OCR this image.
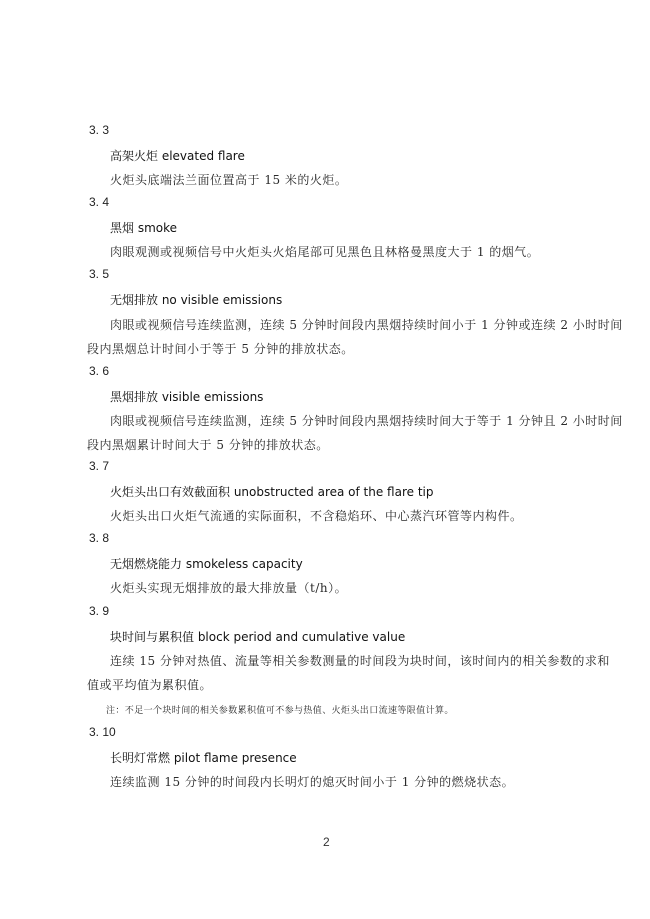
3. 3
高架火炬 elevated flare
火炬头底端法兰面位置高于 15 米的火炬。
3. 4
黑烟 smoke
肉眼观测或视频信号中火炬头火焰尾部可见黑色且林格曼黑度大于 1 的烟气。
3. 5
无烟排放 no visible emissions
肉眼或视频信号连续监测，连续 5 分钟时间段内黑烟持续时间小于 1 分钟或连续 2 小时时间
段内黑烟总计时间小于等于 5 分钟的排放状态。
3. 6
黑烟排放 visible emissions
肉眼或视频信号连续监测，连续 5 分钟时间段内黑烟持续时间大于等于 1 分钟且 2 小时时间
段内黑烟累计时间大于 5 分钟的排放状态。
3. 7
火炬头出口有效截面积 unobstructed area of the flare tip
火炬头出口火炬气流通的实际面积，不含稳焰环、中心蒸汽环管等内构件。
3. 8
无烟燃烧能力 smokeless capacity
火炬头实现无烟排放的最大排放量（t/h）。
3. 9
块时间与累积值 block period and cumulative value
连续 15 分钟对热值、流量等相关参数测量的时间段为块时间，该时间内的相关参数的求和
值或平均值为累积值。
注：不足一个块时间的相关参数累积值可不参与热值、火炬头出口流速等限值计算。
3. 10
长明灯常燃 pilot flame presence
连续监测 15 分钟的时间段内长明灯的熄灭时间小于 1 分钟的燃烧状态。
2
